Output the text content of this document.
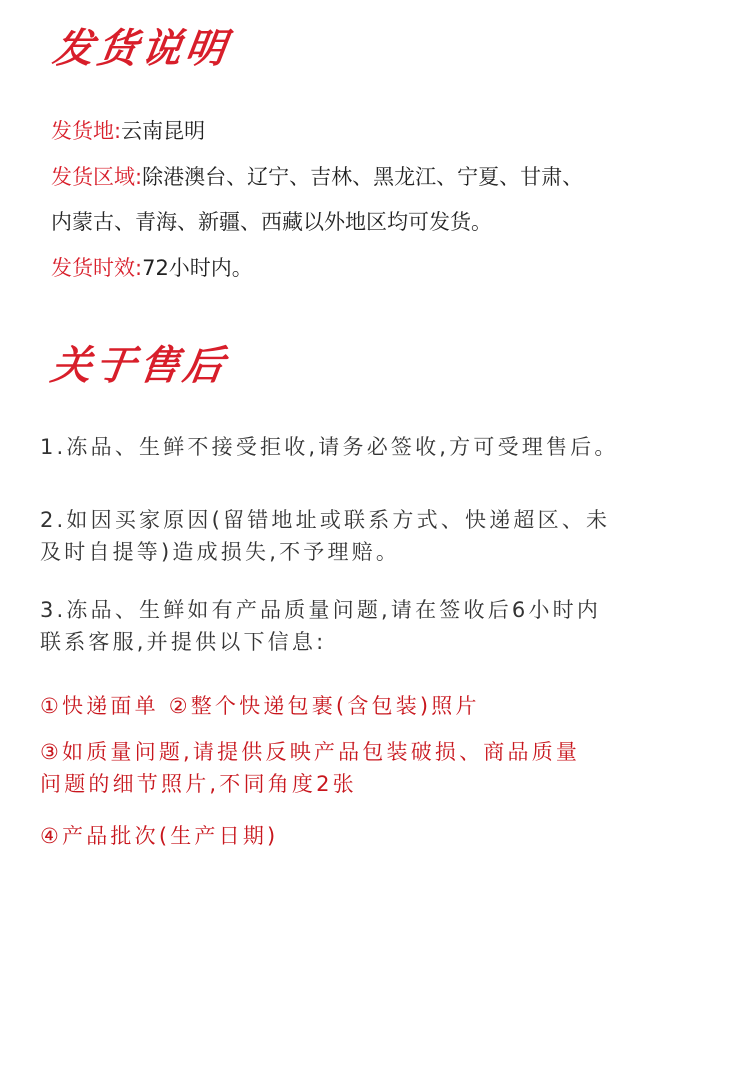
发货说明
发货地:云南昆明
发货区域:除港澳台、辽宁、吉林、黑龙江、宁夏、甘肃、
内蒙古、青海、新疆、西藏以外地区均可发货。
发货时效:72小时内。
关于售后
1.冻品、生鲜不接受拒收,请务必签收,方可受理售后。
2.如因买家原因(留错地址或联系方式、快递超区、未
及时自提等)造成损失,不予理赔。
3.冻品、生鲜如有产品质量问题,请在签收后6小时内
联系客服,并提供以下信息:
①快递面单 ②整个快递包裹(含包装)照片
③如质量问题,请提供反映产品包装破损、商品质量
问题的细节照片,不同角度2张
④产品批次(生产日期)
